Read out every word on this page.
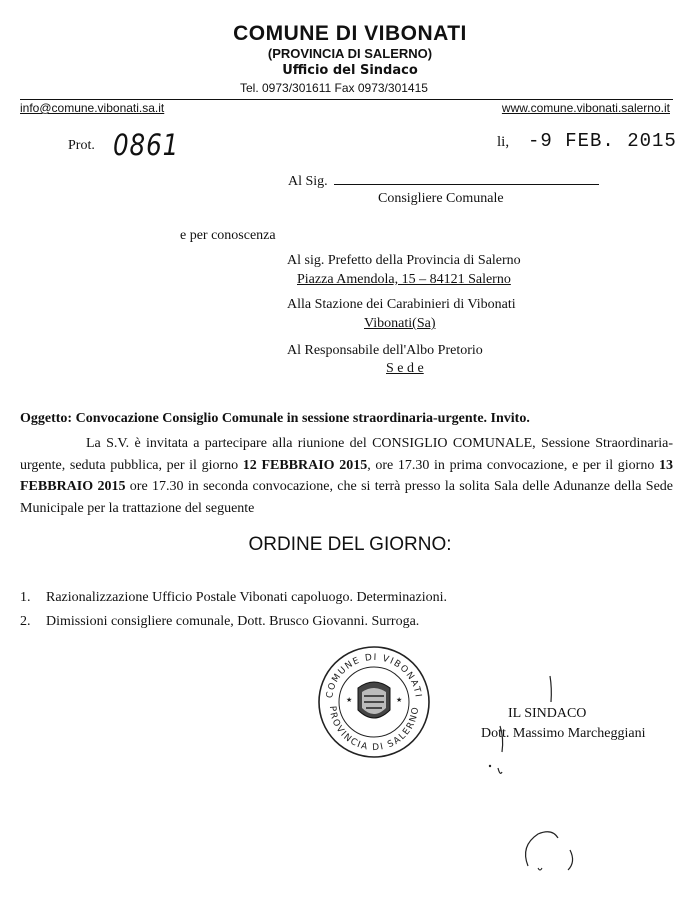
COMUNE DI VIBONATI
(PROVINCIA DI SALERNO)
Ufficio del Sindaco
Tel. 0973/301611 Fax 0973/301415
info@comune.vibonati.sa.it	www.comune.vibonati.salerno.it
Prot. 0861	li, -9 FEB. 2015
Al Sig.
Consigliere Comunale
e per conoscenza
Al sig. Prefetto della Provincia di Salerno
Piazza Amendola, 15 – 84121 Salerno
Alla Stazione dei Carabinieri di Vibonati
Vibonati(Sa)
Al Responsabile dell'Albo Pretorio
S e d e
Oggetto: Convocazione Consiglio Comunale in sessione straordinaria-urgente. Invito.
La S.V. è invitata a partecipare alla riunione del CONSIGLIO COMUNALE, Sessione Straordinaria-urgente, seduta pubblica, per il giorno 12 FEBBRAIO 2015, ore 17.30 in prima convocazione, e per il giorno 13 FEBBRAIO 2015 ore 17.30 in seconda convocazione, che si terrà presso la solita Sala delle Adunanze della Sede Municipale per la trattazione del seguente
ORDINE DEL GIORNO:
1. Razionalizzazione Ufficio Postale Vibonati capoluogo. Determinazioni.
2. Dimissioni consigliere comunale, Dott. Brusco Giovanni. Surroga.
COMUNE DI VIBONATI
PROVINCIA DI SALERNO
★	★
IL SINDACO
Dott. Massimo Marcheggiani
